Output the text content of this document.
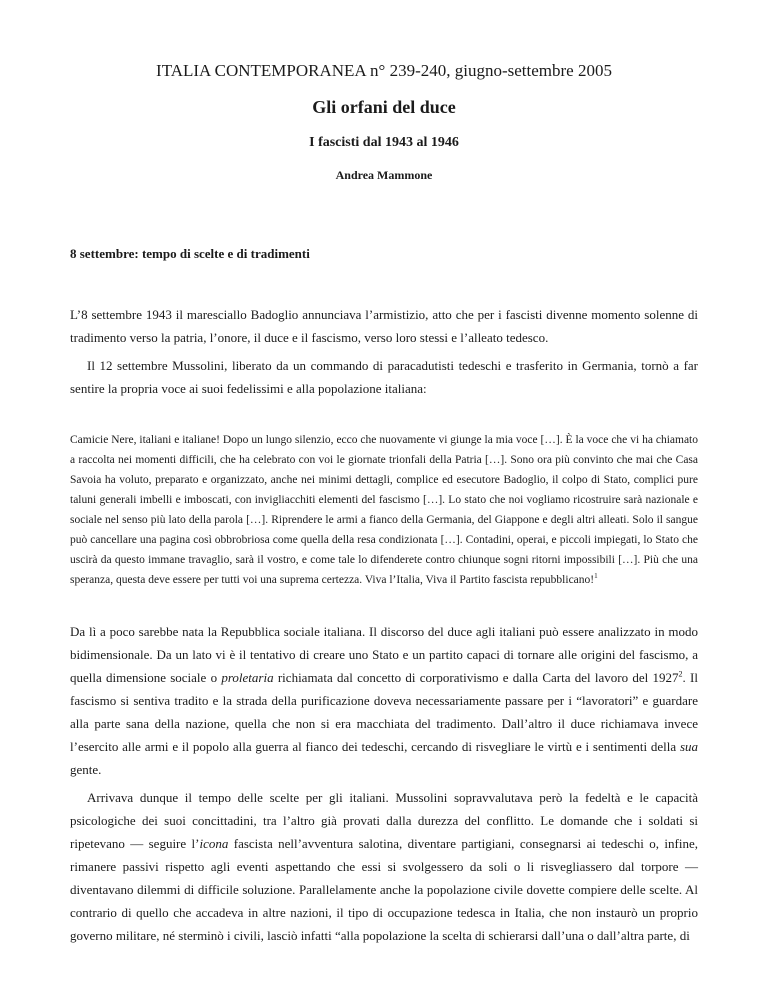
ITALIA CONTEMPORANEA n° 239-240, giugno-settembre 2005
Gli orfani del duce
I fascisti dal 1943 al 1946
Andrea Mammone
8 settembre: tempo di scelte e di tradimenti

L’8 settembre 1943 il maresciallo Badoglio annunciava l’armistizio, atto che per i fascisti divenne momento solenne di tradimento verso la patria, l’onore, il duce e il fascismo, verso loro stessi e l’alleato tedesco.

Il 12 settembre Mussolini, liberato da un commando di paracadutisti tedeschi e trasferito in Germania, tornò a far sentire la propria voce ai suoi fedelissimi e alla popolazione italiana:

Camicie Nere, italiani e italiane! Dopo un lungo silenzio, ecco che nuovamente vi giunge la mia voce […]. È la voce che vi ha chiamato a raccolta nei momenti difficili, che ha celebrato con voi le giornate trionfali della Patria […]. Sono ora più convinto che mai che Casa Savoia ha voluto, preparato e organizzato, anche nei minimi dettagli, complice ed esecutore Badoglio, il colpo di Stato, complici pure taluni generali imbelli e imboscati, con invigliacchiti elementi del fascismo […]. Lo stato che noi vogliamo ricostruire sarà nazionale e sociale nel senso più lato della parola […]. Riprendere le armi a fianco della Germania, del Giappone e degli altri alleati. Solo il sangue può cancellare una pagina così obbrobriosa come quella della resa condizionata […]. Contadini, operai, e piccoli impiegati, lo Stato che uscirà da questo immane travaglio, sarà il vostro, e come tale lo difenderete contro chiunque sogni ritorni impossibili […]. Più che una speranza, questa deve essere per tutti voi una suprema certezza. Viva l’Italia, Viva il Partito fascista repubblicano!$^1$

Da lì a poco sarebbe nata la Repubblica sociale italiana. Il discorso del duce agli italiani può essere analizzato in modo bidimensionale. Da un lato vi è il tentativo di creare uno Stato e un partito capaci di tornare alle origini del fascismo, a quella dimensione sociale o proletaria richiamata dal concetto di corporativismo e dalla Carta del lavoro del 1927$^2$. Il fascismo si sentiva tradito e la strada della purificazione doveva necessariamente passare per i “lavoratori” e guardare alla parte sana della nazione, quella che non si era macchiata del tradimento. Dall’altro il duce richiamava invece l’esercito alle armi e il popolo alla guerra al fianco dei tedeschi, cercando di risvegliare le virtù e i sentimenti della sua gente.

Arrivava dunque il tempo delle scelte per gli italiani. Mussolini sopravvalutava però la fedeltà e le capacità psicologiche dei suoi concittadini, tra l’altro già provati dalla durezza del conflitto. Le domande che i soldati si ripetevano — seguire l’icona fascista nell’avventura salotina, diventare partigiani, consegnarsi ai tedeschi o, infine, rimanere passivi rispetto agli eventi aspettando che essi si svolgessero da soli o li risvegliassero dal torpore — diventavano dilemmi di difficile soluzione. Parallelamente anche la popolazione civile dovette compiere delle scelte. Al contrario di quello che accadeva in altre nazioni, il tipo di occupazione tedesca in Italia, che non instaurò un proprio governo militare, né sterminò i civili, lasciò infatti “alla popolazione la scelta di schierarsi dall’una o dall’altra parte, di
